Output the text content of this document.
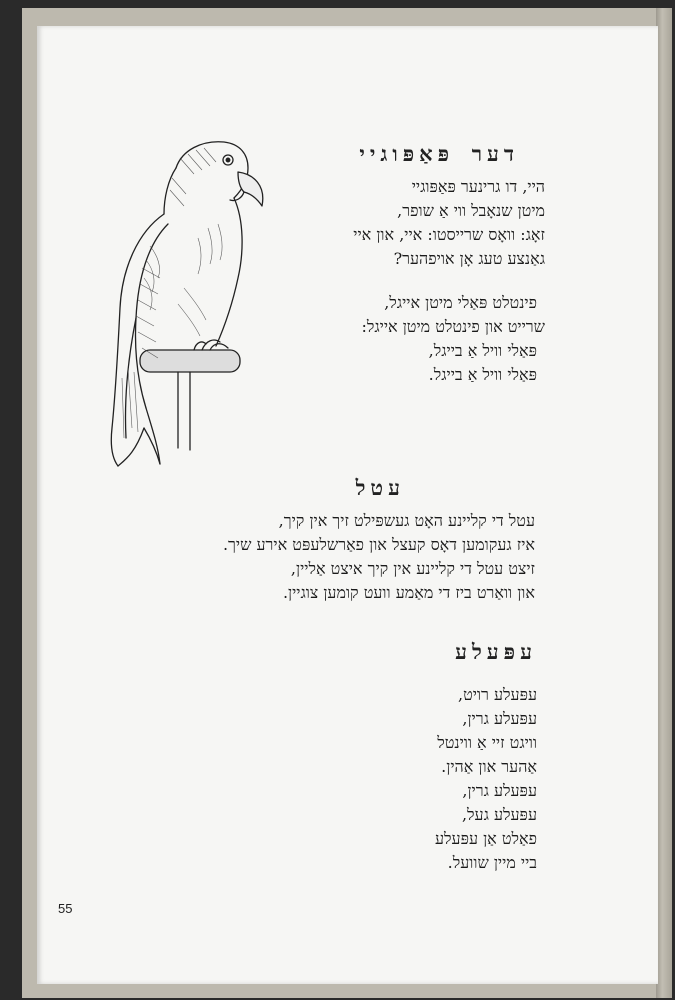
דער פּאַפּוגיי
היי, דו גרינער פּאַפּוגיי
מיטן שנאָבל ווי אַ שופר,
זאָג: וואָס שרייסטו: איי, און איי
גאַנצע טעג אָן אויפהער?
פינטלט פּאַלי מיטן אייגל,
שרייט און פינטלט מיטן אייגל:
פּאַלי וויל אַ בייגל,
פּאַלי וויל אַ בייגל.
עטל
עטל די קליינע האָט געשפּילט זיך אין קיך,
איז געקומען דאָס קעצל און פאַרשלעפּט אירע שיך.
זיצט עטל די קליינע אין קיך איצט אַליין,
און וואַרט ביז די מאַמע וועט קומען צוגיין.
עפּעלע
עפּעלע רויט,
עפּעלע גרין,
וויגט זיי אַ ווינטל
אַהער און אַהין.
עפּעלע גרין,
עפּעלע געל,
פאַלט אַן עפּעלע
ביי מיין שוועל.
55
